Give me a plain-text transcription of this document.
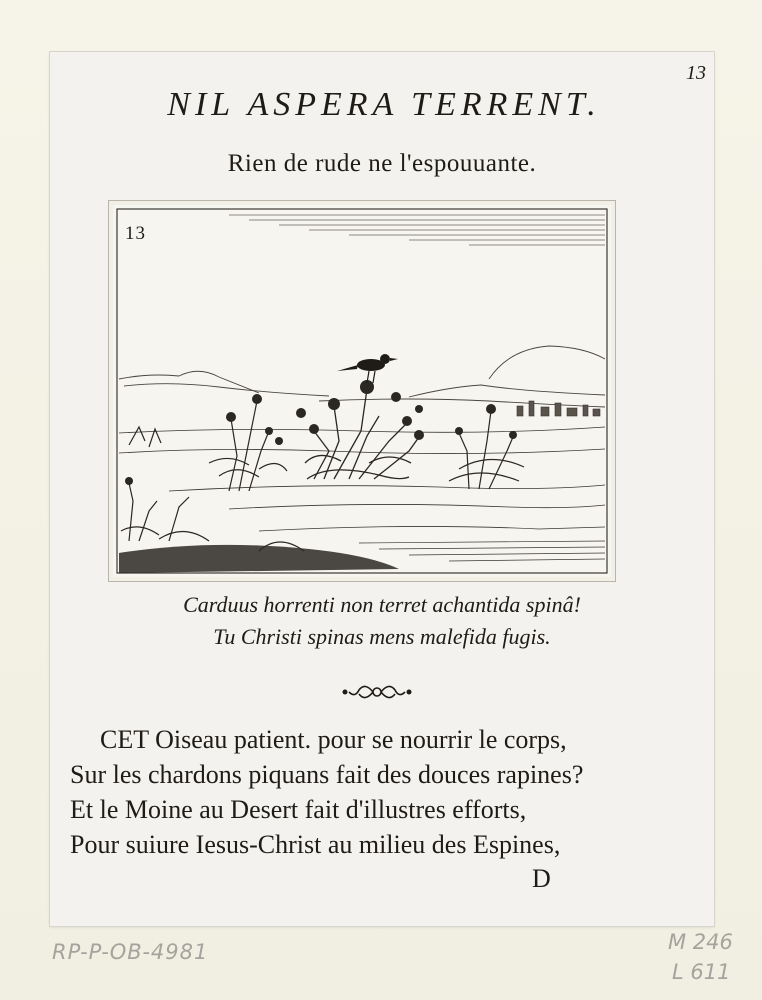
13
NIL ASPERA TERRENT.
Rien de rude ne l'espouuante.
13
Carduus horrenti non terret achantida spinâ!
Tu Christi spinas mens malefida fugis.
CET Oiseau patient. pour se nourrir le corps,
Sur les chardons piquans fait des douces rapines?
Et le Moine au Desert fait d'illustres efforts,
Pour suiure Iesus-Christ au milieu des Espines,
D
RP-P-OB-4981	M 246
L 611
